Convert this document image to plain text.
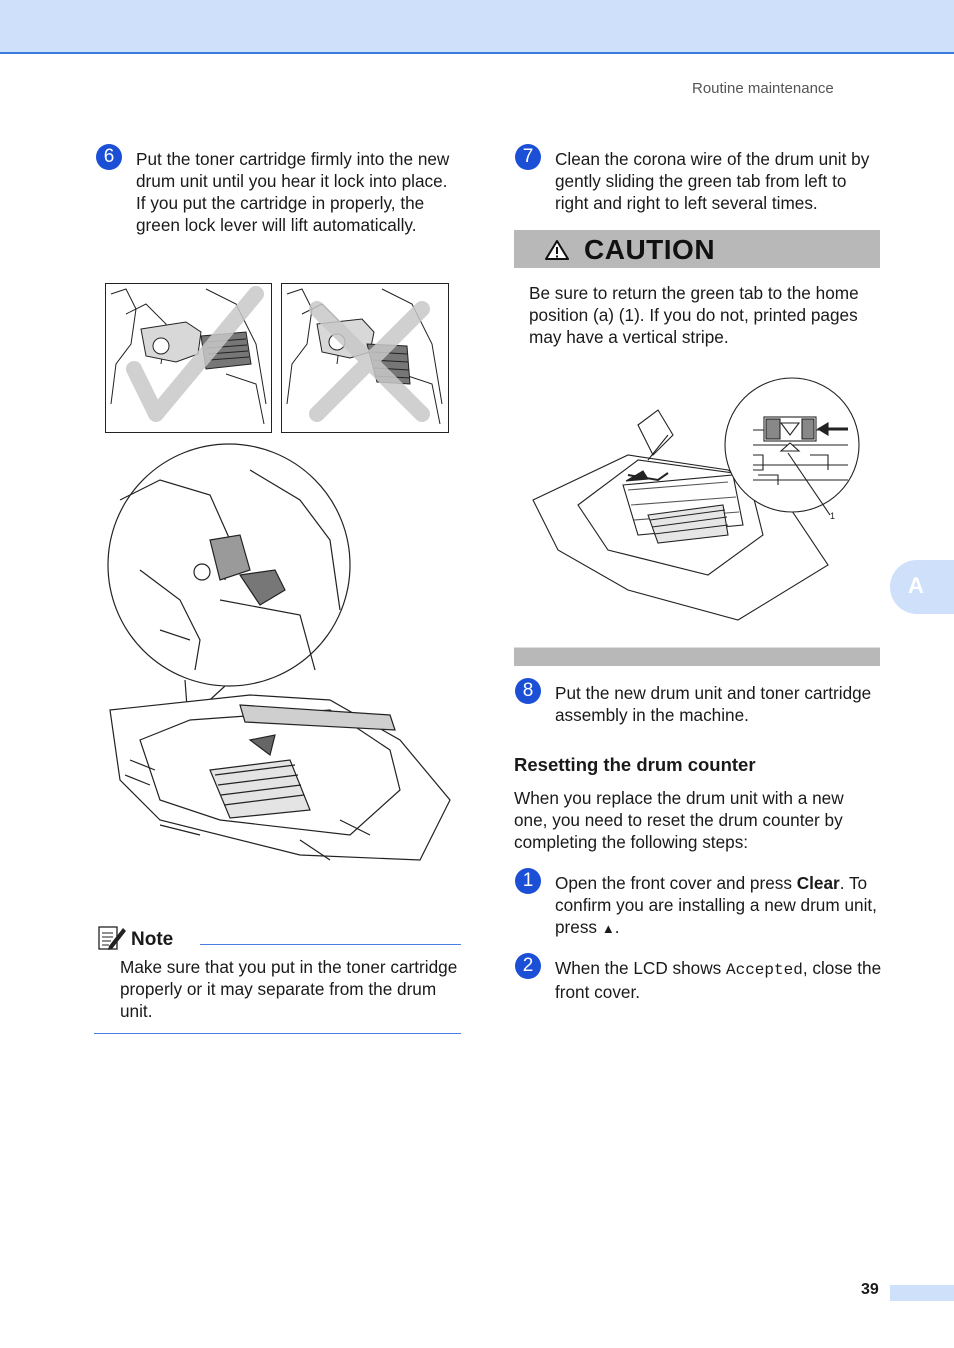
Routine maintenance
A
6	Put the toner cartridge firmly into the new drum unit until you hear it lock into place. If you put the cartridge in properly, the green lock lever will lift automatically.
Note
Make sure that you put in the toner cartridge properly or it may separate from the drum unit.
7	Clean the corona wire of the drum unit by gently sliding the green tab from left to right and right to left several times.
CAUTION
Be sure to return the green tab to the home position (a) (1). If you do not, printed pages may have a vertical stripe.
1
8	Put the new drum unit and toner cartridge assembly in the machine.
Resetting the drum counter
When you replace the drum unit with a new one, you need to reset the drum counter by completing the following steps:
1	Open the front cover and press Clear. To confirm you are installing a new drum unit, press ▲.
2	When the LCD shows Accepted, close the front cover.
39
